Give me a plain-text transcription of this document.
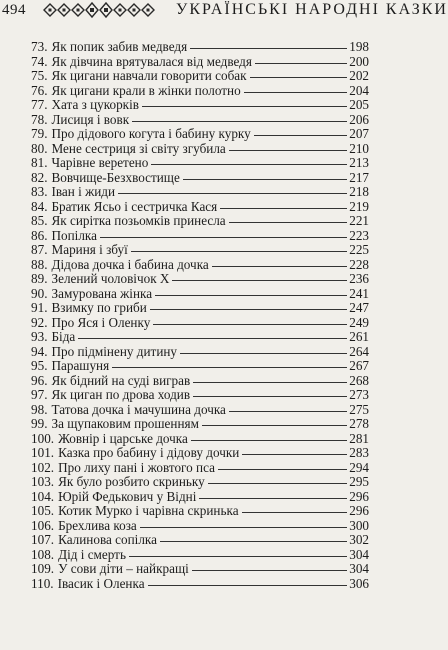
494	УКРАЇНСЬКІ НАРОДНІ КАЗКИ
73. Як попик забив медведя	198
74. Як дівчина врятувалася від медведя	200
75. Як цигани навчали говорити собак	202
76. Як цигани крали в жінки полотно	204
77. Хата з цукорків	205
78. Лисиця і вовк	206
79. Про дідового когута і бабину курку	207
80. Мене сестриця зі світу згубила	210
81. Чарівне веретено	213
82. Вовчище-Безхвостище	217
83. Іван і жиди	218
84. Братик Ясьо і сестричка Кася	219
85. Як сирітка позьомків принесла	221
86. Попілка	223
87. Мариня і збуї	225
88. Дідова дочка і бабина дочка	228
89. Зелений чоловічок Х	236
90. Замурована жінка	241
91. Взимку по гриби	247
92. Про Яся і Оленку	249
93. Біда	261
94. Про підмінену дитину	264
95. Парашуня	267
96. Як бідний на суді виграв	268
97. Як циган по дрова ходив	273
98. Татова дочка і мачушина дочка	275
99. За щупаковим прошенням	278
100. Жовнір і царське дочка	281
101. Казка про бабину і дідову дочки	283
102. Про лиху пані і жовтого пса	294
103. Як було розбито скриньку	295
104. Юрій Федькович у Відні	296
105. Котик Мурко і чарівна скринька	296
106. Брехлива коза	300
107. Калинова сопілка	302
108. Дід і смерть	304
109. У сови діти – найкращі	304
110. Івасик і Оленка	306
